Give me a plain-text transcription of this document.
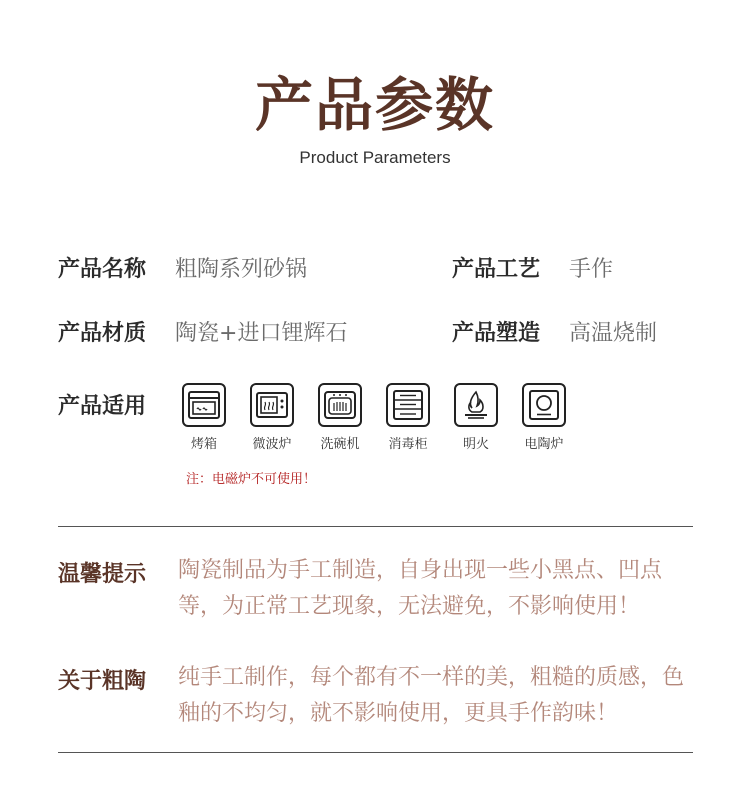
产品参数
Product Parameters
产品名称 粗陶系列砂锅	产品工艺 手作
产品材质 陶瓷+进口锂辉石	产品塑造 高温烧制
产品适用
烤箱	微波炉 洗碗机 消毒柜	明火	电陶炉
注：电磁炉不可使用！
温馨提示 陶瓷制品为手工制造，自身出现一些小黑点、凹点等，为正常工艺现象，无法避免，不影响使用！
关于粗陶 纯手工制作，每个都有不一样的美，粗糙的质感，色釉的不均匀，就不影响使用，更具手作韵味！
